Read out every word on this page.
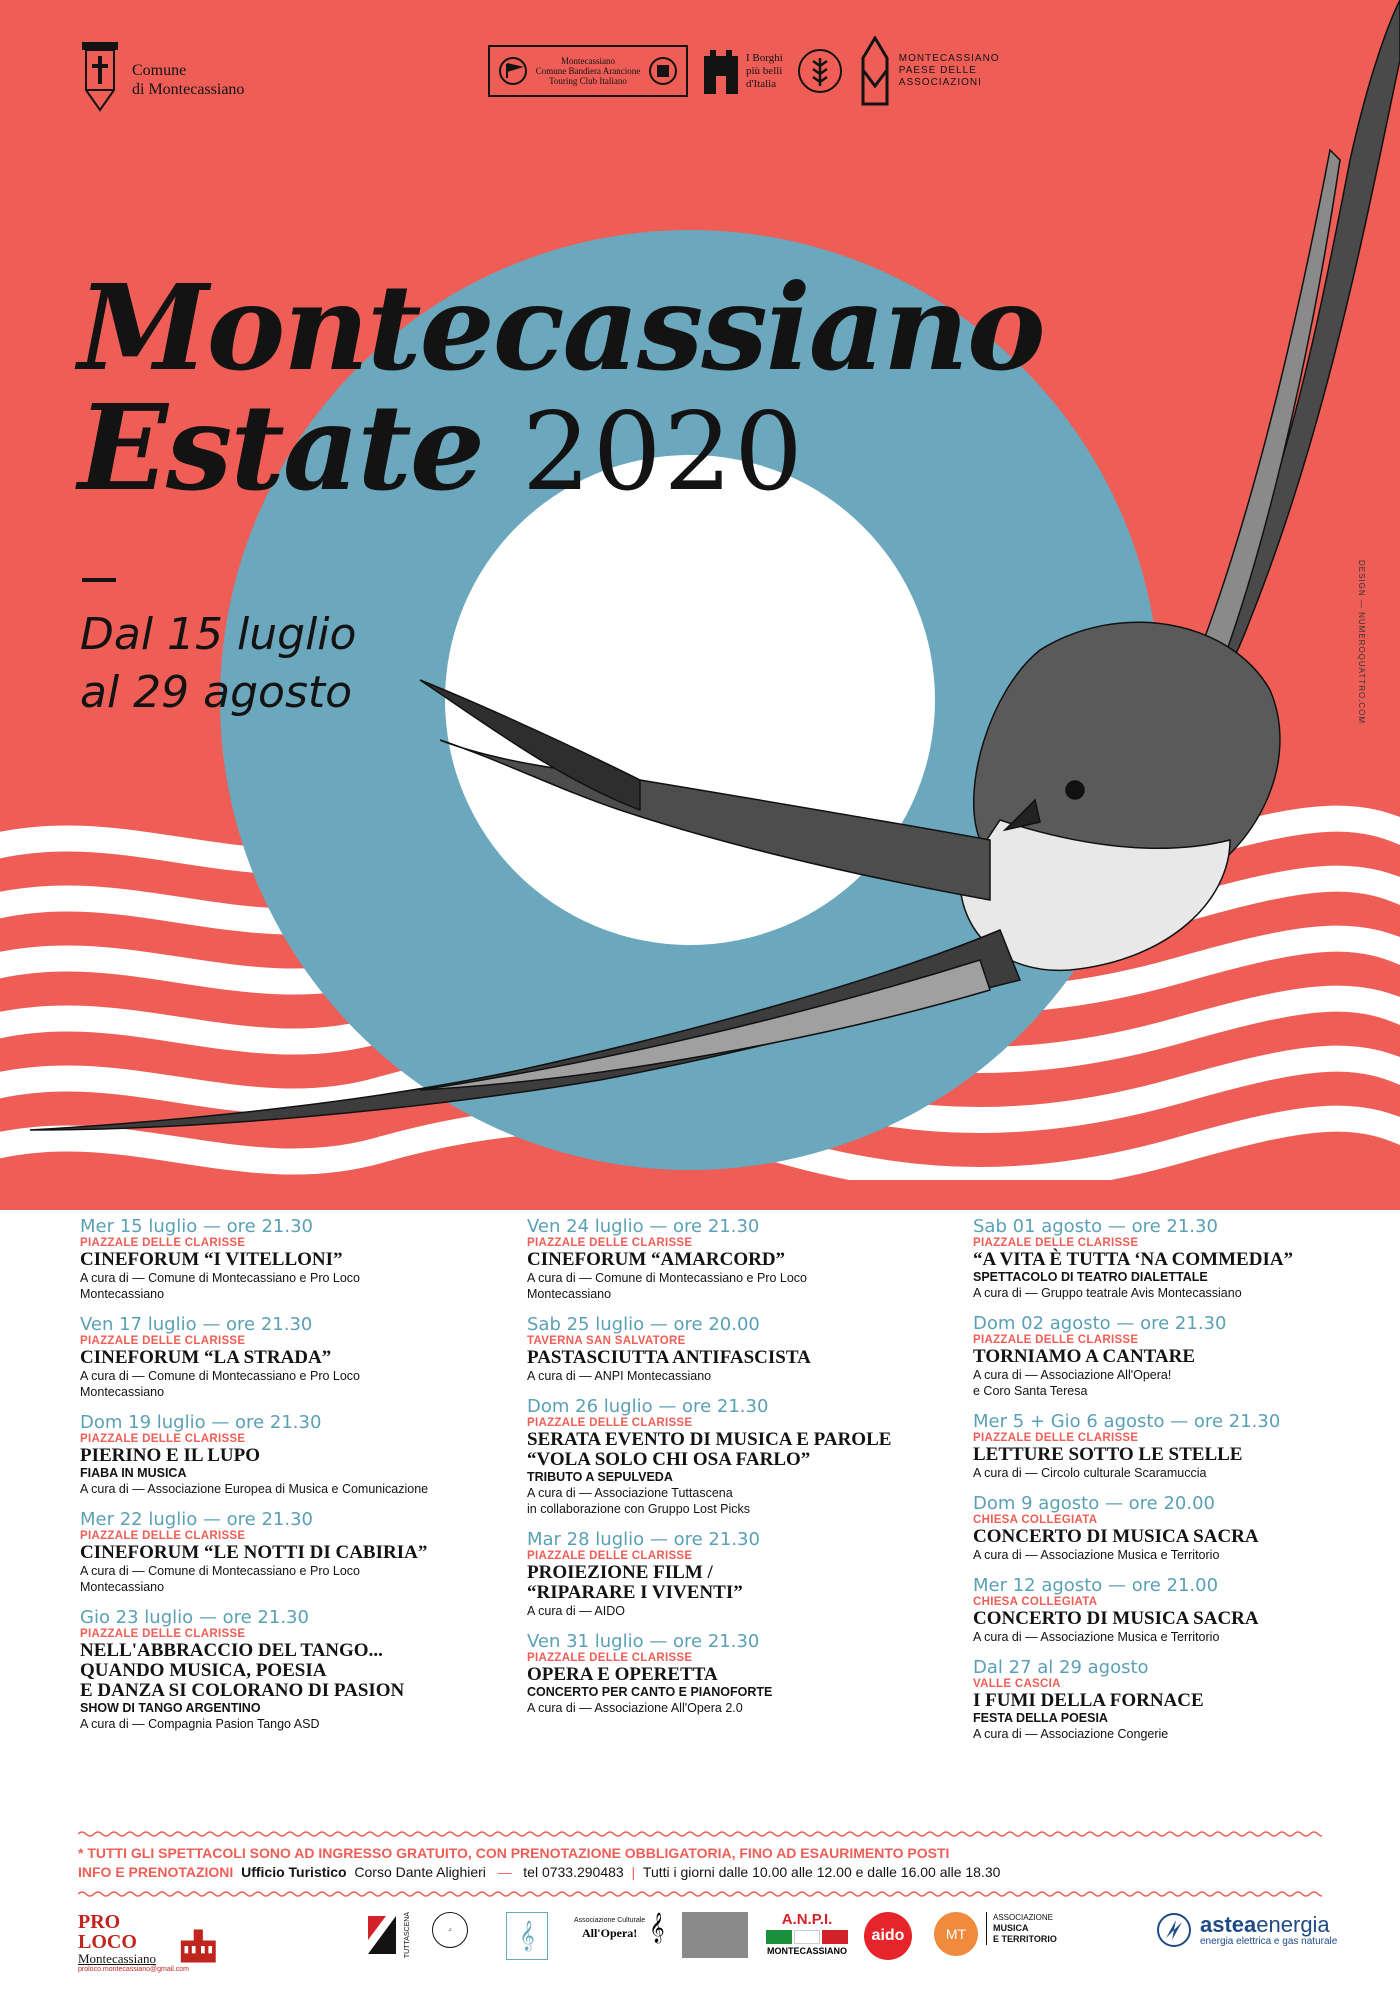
Comune
di Montecassiano
Montecassiano
Comune Bandiera Arancione
Touring Club Italiano
I Borghi
più belli
d'Italia
MONTECASSIANO
PAESE DELLE
ASSOCIAZIONI

Montecassiano

Estate 2020

Dal 15 luglio
al 29 agosto	DESIGN — NUMEROQUATTRO.COM
Mer 15 luglio — ore 21.30
PIAZZALE DELLE CLARISSE
CINEFORUM “I VITELLONI”
A cura di — Comune di Montecassiano e Pro Loco
Montecassiano
Ven 17 luglio — ore 21.30
PIAZZALE DELLE CLARISSE
CINEFORUM “LA STRADA”
A cura di — Comune di Montecassiano e Pro Loco
Montecassiano
Dom 19 luglio — ore 21.30
PIAZZALE DELLE CLARISSE
PIERINO E IL LUPO
FIABA IN MUSICA
A cura di — Associazione Europea di Musica e Comunicazione
Mer 22 luglio — ore 21.30
PIAZZALE DELLE CLARISSE
CINEFORUM “LE NOTTI DI CABIRIA”
A cura di — Comune di Montecassiano e Pro Loco
Montecassiano
Gio 23 luglio — ore 21.30
PIAZZALE DELLE CLARISSE
NELL'ABBRACCIO DEL TANGO...
QUANDO MUSICA, POESIA
E DANZA SI COLORANO DI PASION
SHOW DI TANGO ARGENTINO
A cura di — Compagnia Pasion Tango ASD
Ven 24 luglio — ore 21.30
PIAZZALE DELLE CLARISSE
CINEFORUM “AMARCORD”
A cura di — Comune di Montecassiano e Pro Loco
Montecassiano
Sab 25 luglio — ore 20.00
TAVERNA SAN SALVATORE
PASTASCIUTTA ANTIFASCISTA
A cura di — ANPI Montecassiano
Dom 26 luglio — ore 21.30
PIAZZALE DELLE CLARISSE
SERATA EVENTO DI MUSICA E PAROLE
“VOLA SOLO CHI OSA FARLO”
TRIBUTO A SEPULVEDA
A cura di — Associazione Tuttascena
in collaborazione con Gruppo Lost Picks
Mar 28 luglio — ore 21.30
PIAZZALE DELLE CLARISSE
PROIEZIONE FILM /
“RIPARARE I VIVENTI”
A cura di — AIDO
Ven 31 luglio — ore 21.30
PIAZZALE DELLE CLARISSE
OPERA E OPERETTA
CONCERTO PER CANTO E PIANOFORTE
A cura di — Associazione All'Opera 2.0
Sab 01 agosto — ore 21.30
PIAZZALE DELLE CLARISSE
“A VITA È TUTTA ‘NA COMMEDIA”
SPETTACOLO DI TEATRO DIALETTALE
A cura di — Gruppo teatrale Avis Montecassiano
Dom 02 agosto — ore 21.30
PIAZZALE DELLE CLARISSE
TORNIAMO A CANTARE
A cura di — Associazione All'Opera!
e Coro Santa Teresa
Mer 5 + Gio 6 agosto — ore 21.30
PIAZZALE DELLE CLARISSE
LETTURE SOTTO LE STELLE
A cura di — Circolo culturale Scaramuccia
Dom 9 agosto — ore 20.00
CHIESA COLLEGIATA
CONCERTO DI MUSICA SACRA
A cura di — Associazione Musica e Territorio
Mer 12 agosto — ore 21.00
CHIESA COLLEGIATA
CONCERTO DI MUSICA SACRA
A cura di — Associazione Musica e Territorio
Dal 27 al 29 agosto
VALLE CASCIA
I FUMI DELLA FORNACE
FESTA DELLA POESIA
A cura di — Associazione Congerie
* TUTTI GLI SPETTACOLI SONO AD INGRESSO GRATUITO, CON PRENOTAZIONE OBBLIGATORIA, FINO AD ESAURIMENTO POSTI
INFO E PRENOTAZIONI Ufficio Turistico Corso Dante Alighieri — tel 0733.290483 | Tutti i giorni dalle 10.00 alle 12.00 e dalle 16.00 alle 18.30
PRO LOCO
Montecassiano
proloco.montecassiano@gmail.com
TUTTASCENA	♫	𝄞	Associazione Culturale
All'Opera! 𝄞	A.N.P.I.
MONTECASSIANO
aido	MT
ASSOCIAZIONE
MUSICA
E TERRITORIO
asteaenergia
energia elettrica e gas naturale
